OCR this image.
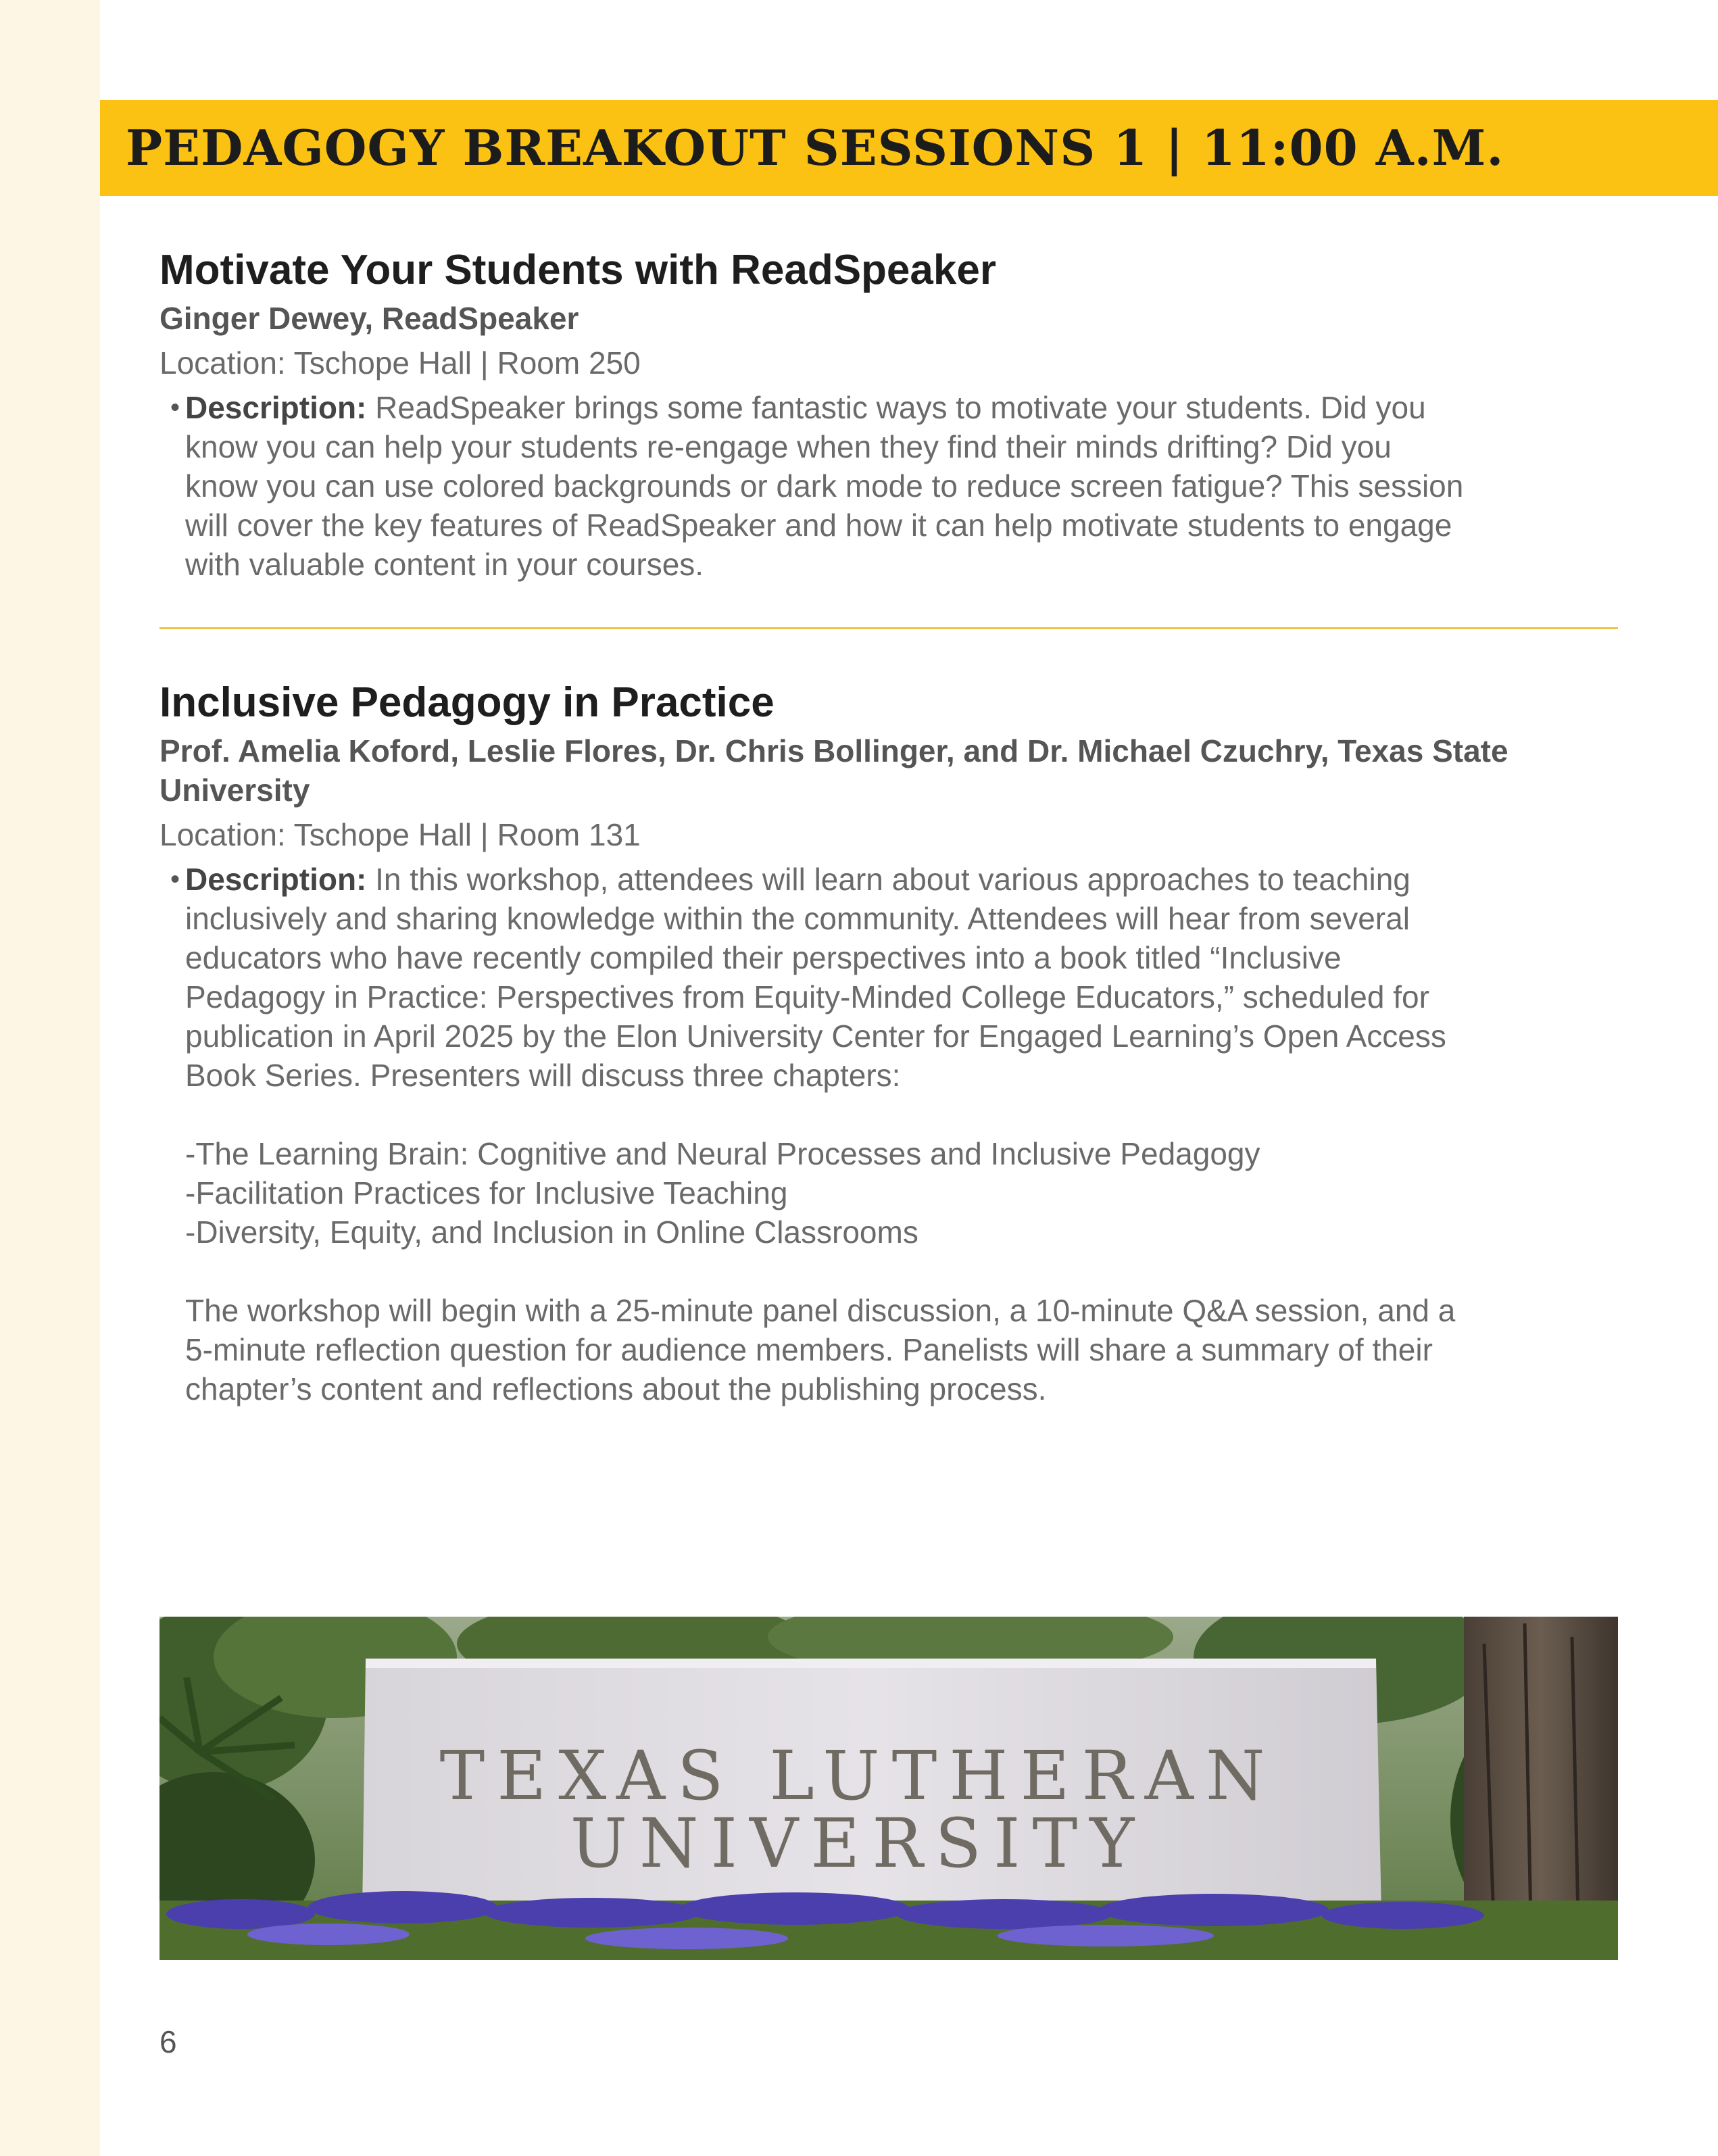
PEDAGOGY BREAKOUT SESSIONS 1 | 11:00 A.M.
Motivate Your Students with ReadSpeaker
Ginger Dewey, ReadSpeaker
Location: Tschope Hall | Room 250
• Description: ReadSpeaker brings some fantastic ways to motivate your students. Did you
know you can help your students re-engage when they find their minds drifting? Did you
know you can use colored backgrounds or dark mode to reduce screen fatigue? This session
will cover the key features of ReadSpeaker and how it can help motivate students to engage
with valuable content in your courses.
Inclusive Pedagogy in Practice
Prof. Amelia Koford, Leslie Flores, Dr. Chris Bollinger, and Dr. Michael Czuchry, Texas State
University
Location: Tschope Hall | Room 131
• Description: In this workshop, attendees will learn about various approaches to teaching
inclusively and sharing knowledge within the community. Attendees will hear from several
educators who have recently compiled their perspectives into a book titled “Inclusive
Pedagogy in Practice: Perspectives from Equity-Minded College Educators,” scheduled for
publication in April 2025 by the Elon University Center for Engaged Learning’s Open Access
Book Series. Presenters will discuss three chapters:
-The Learning Brain: Cognitive and Neural Processes and Inclusive Pedagogy
-Facilitation Practices for Inclusive Teaching
-Diversity, Equity, and Inclusion in Online Classrooms
The workshop will begin with a 25-minute panel discussion, a 10-minute Q&A session, and a
5-minute reflection question for audience members. Panelists will share a summary of their
chapter’s content and reflections about the publishing process.
TEXAS LUTHERAN
UNIVERSITY
6
